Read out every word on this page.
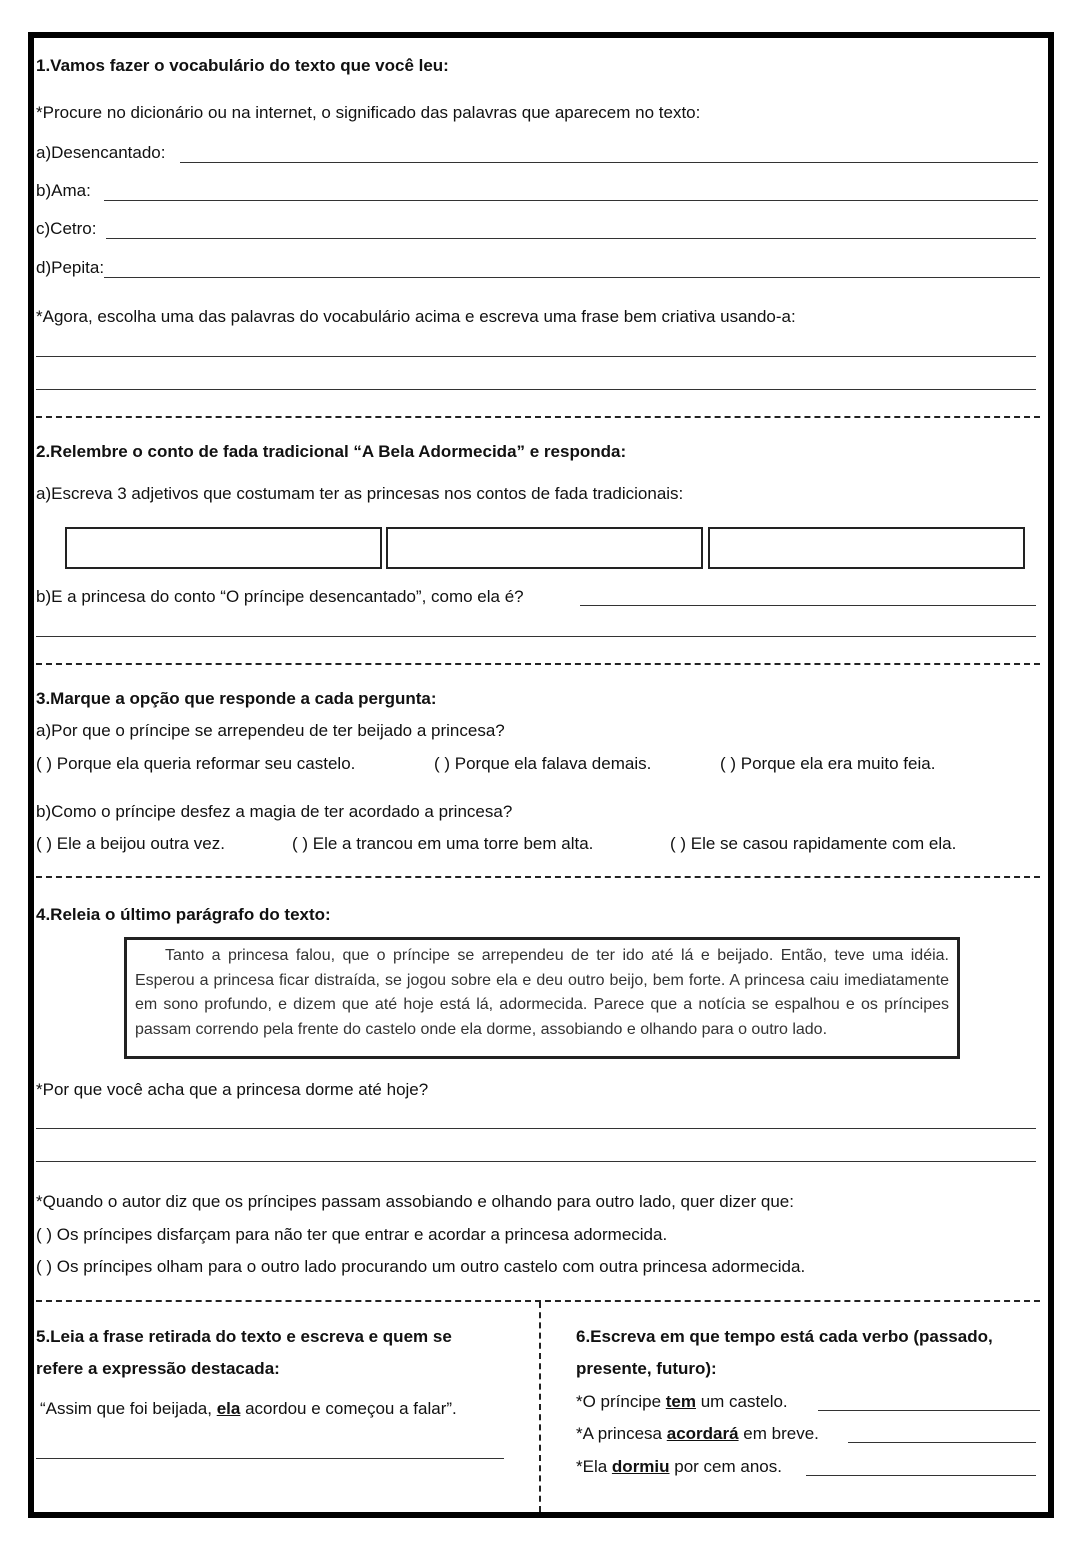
1.Vamos fazer o vocabulário do texto que você leu:
*Procure no dicionário ou na internet, o significado das palavras que aparecem no texto:
a)Desencantado:
b)Ama:
c)Cetro:
d)Pepita:
*Agora, escolha uma das palavras do vocabulário acima e escreva uma frase bem criativa usando-a:
2.Relembre o conto de fada tradicional “A Bela Adormecida” e responda:
a)Escreva 3 adjetivos que costumam ter as princesas nos contos de fada tradicionais:
b)E a princesa do conto “O príncipe desencantado”, como ela é?
3.Marque a opção que responde a cada pergunta:
a)Por que o príncipe se arrependeu de ter beijado a princesa?
( ) Porque ela queria reformar seu castelo.	( ) Porque ela falava demais.	( ) Porque ela era muito feia.
b)Como o príncipe desfez a magia de ter acordado a princesa?
( ) Ele a beijou outra vez.	( ) Ele a trancou em uma torre bem alta.	( ) Ele se casou rapidamente com ela.
4.Releia o último parágrafo do texto:
Tanto a princesa falou, que o príncipe se arrependeu de ter ido até lá e beijado. Então, teve uma idéia. Esperou a princesa ficar distraída, se jogou sobre ela e deu outro beijo, bem forte. A princesa caiu imediatamente em sono profundo, e dizem que até hoje está lá, adormecida. Parece que a notícia se espalhou e os príncipes passam correndo pela frente do castelo onde ela dorme, assobiando e olhando para o outro lado.
*Por que você acha que a princesa dorme até hoje?
*Quando o autor diz que os príncipes passam assobiando e olhando para outro lado, quer dizer que:
( ) Os príncipes disfarçam para não ter que entrar e acordar a princesa adormecida.
( ) Os príncipes olham para o outro lado procurando um outro castelo com outra princesa adormecida.
5.Leia a frase retirada do texto e escreva e quem se
refere a expressão destacada:
“Assim que foi beijada, ela acordou e começou a falar”.
6.Escreva em que tempo está cada verbo (passado,
presente, futuro):
*O príncipe tem um castelo.
*A princesa acordará em breve.
*Ela dormiu por cem anos.
